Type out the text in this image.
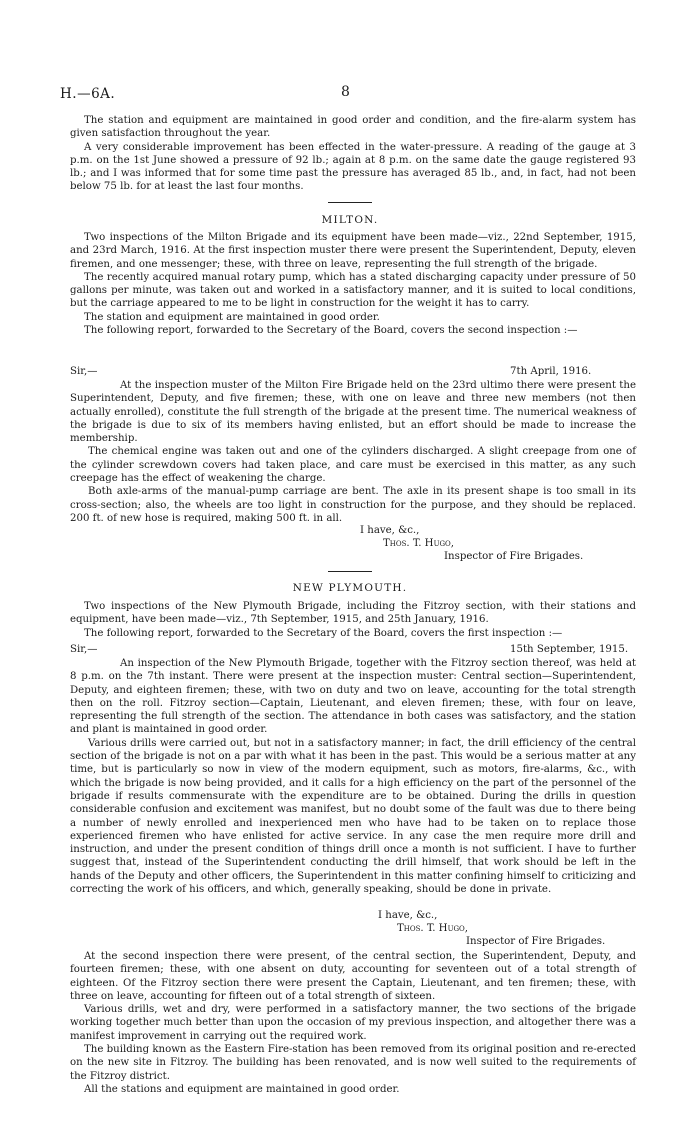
H.—6A.	8

The station and equipment are maintained in good order and condition, and the fire-alarm system has given satisfaction throughout the year.

A very considerable improvement has been effected in the water-pressure. A reading of the gauge at 3 p.m. on the 1st June showed a pressure of 92 lb.; again at 8 p.m. on the same date the gauge registered 93 lb.; and I was informed that for some time past the pressure has averaged 85 lb., and, in fact, had not been below 75 lb. for at least the last four months.

MILTON.

Two inspections of the Milton Brigade and its equipment have been made—viz., 22nd September, 1915, and 23rd March, 1916. At the first inspection muster there were present the Superintendent, Deputy, eleven firemen, and one messenger; these, with three on leave, representing the full strength of the brigade.

The recently acquired manual rotary pump, which has a stated discharging capacity under pressure of 50 gallons per minute, was taken out and worked in a satisfactory manner, and it is suited to local conditions, but the carriage appeared to me to be light in construction for the weight it has to carry.

The station and equipment are maintained in good order.

The following report, forwarded to the Secretary of the Board, covers the second inspection :—

Sir,—	7th April, 1916.

At the inspection muster of the Milton Fire Brigade held on the 23rd ultimo there were present the Superintendent, Deputy, and five firemen; these, with one on leave and three new members (not then actually enrolled), constitute the full strength of the brigade at the present time. The numerical weakness of the brigade is due to six of its members having enlisted, but an effort should be made to increase the membership.

The chemical engine was taken out and one of the cylinders discharged. A slight creepage from one of the cylinder screwdown covers had taken place, and care must be exercised in this matter, as any such creepage has the effect of weakening the charge.

Both axle-arms of the manual-pump carriage are bent. The axle in its present shape is too small in its cross-section; also, the wheels are too light in construction for the purpose, and they should be replaced. 200 ft. of new hose is required, making 500 ft. in all.

I have, &c.,
Thos. T. Hugo,
Inspector of Fire Brigades.
NEW PLYMOUTH.

Two inspections of the New Plymouth Brigade, including the Fitzroy section, with their stations and equipment, have been made—viz., 7th September, 1915, and 25th January, 1916.

The following report, forwarded to the Secretary of the Board, covers the first inspection :—

Sir,—	15th September, 1915.

An inspection of the New Plymouth Brigade, together with the Fitzroy section thereof, was held at 8 p.m. on the 7th instant. There were present at the inspection muster: Central section—Superintendent, Deputy, and eighteen firemen; these, with two on duty and two on leave, accounting for the total strength then on the roll. Fitzroy section—Captain, Lieutenant, and eleven firemen; these, with four on leave, representing the full strength of the section. The attendance in both cases was satisfactory, and the station and plant is maintained in good order.

Various drills were carried out, but not in a satisfactory manner; in fact, the drill efficiency of the central section of the brigade is not on a par with what it has been in the past. This would be a serious matter at any time, but is particularly so now in view of the modern equipment, such as motors, fire-alarms, &c., with which the brigade is now being provided, and it calls for a high efficiency on the part of the personnel of the brigade if results commensurate with the expenditure are to be obtained. During the drills in question considerable confusion and excitement was manifest, but no doubt some of the fault was due to there being a number of newly enrolled and inexperienced men who have had to be taken on to replace those experienced firemen who have enlisted for active service. In any case the men require more drill and instruction, and under the present condition of things drill once a month is not sufficient. I have to further suggest that, instead of the Superintendent conducting the drill himself, that work should be left in the hands of the Deputy and other officers, the Superintendent in this matter confining himself to criticizing and correcting the work of his officers, and which, generally speaking, should be done in private.

I have, &c.,
Thos. T. Hugo,
Inspector of Fire Brigades.

At the second inspection there were present, of the central section, the Superintendent, Deputy, and fourteen firemen; these, with one absent on duty, accounting for seventeen out of a total strength of eighteen. Of the Fitzroy section there were present the Captain, Lieutenant, and ten firemen; these, with three on leave, accounting for fifteen out of a total strength of sixteen.

Various drills, wet and dry, were performed in a satisfactory manner, the two sections of the brigade working together much better than upon the occasion of my previous inspection, and altogether there was a manifest improvement in carrying out the required work.

The building known as the Eastern Fire-station has been removed from its original position and re-erected on the new site in Fitzroy. The building has been renovated, and is now well suited to the requirements of the Fitzroy district.

All the stations and equipment are maintained in good order.
